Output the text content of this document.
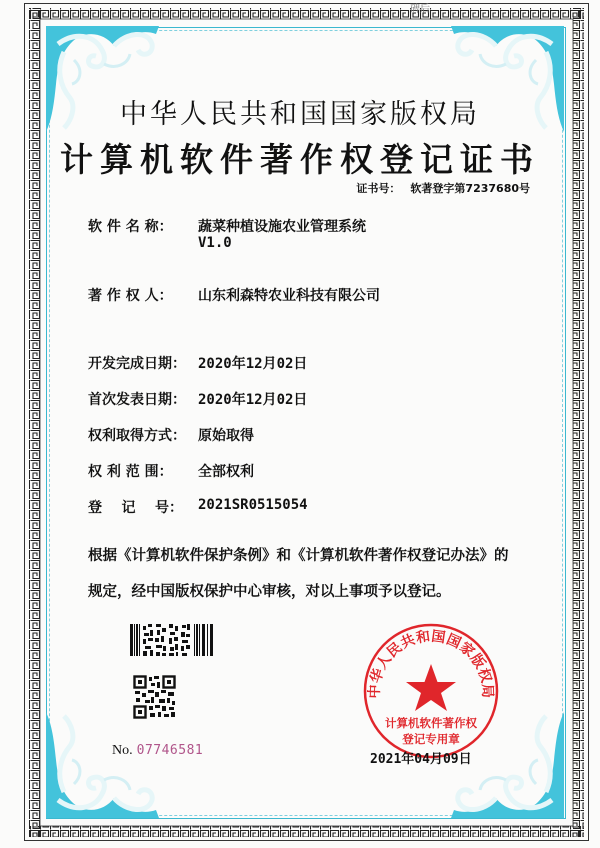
碑后
中华人民共和国国家版权局
计算机软件著作权登记证书
证书号： 软著登字第7237680号
软 件 名 称： 蔬菜种植设施农业管理系统
V1.0
著 作 权 人： 山东利森特农业科技有限公司
开发完成日期： 2020年12月02日
首次发表日期： 2020年12月02日
权利取得方式： 原始取得
权 利 范 围： 全部权利
登    记    号： 2021SR0515054
根据《计算机软件保护条例》和《计算机软件著作权登记办法》的
规定，经中国版权保护中心审核，对以上事项予以登记。
No. 07746581
中华人民共和国国家版权局
计算机软件著作权
登记专用章
2021年04月09日
